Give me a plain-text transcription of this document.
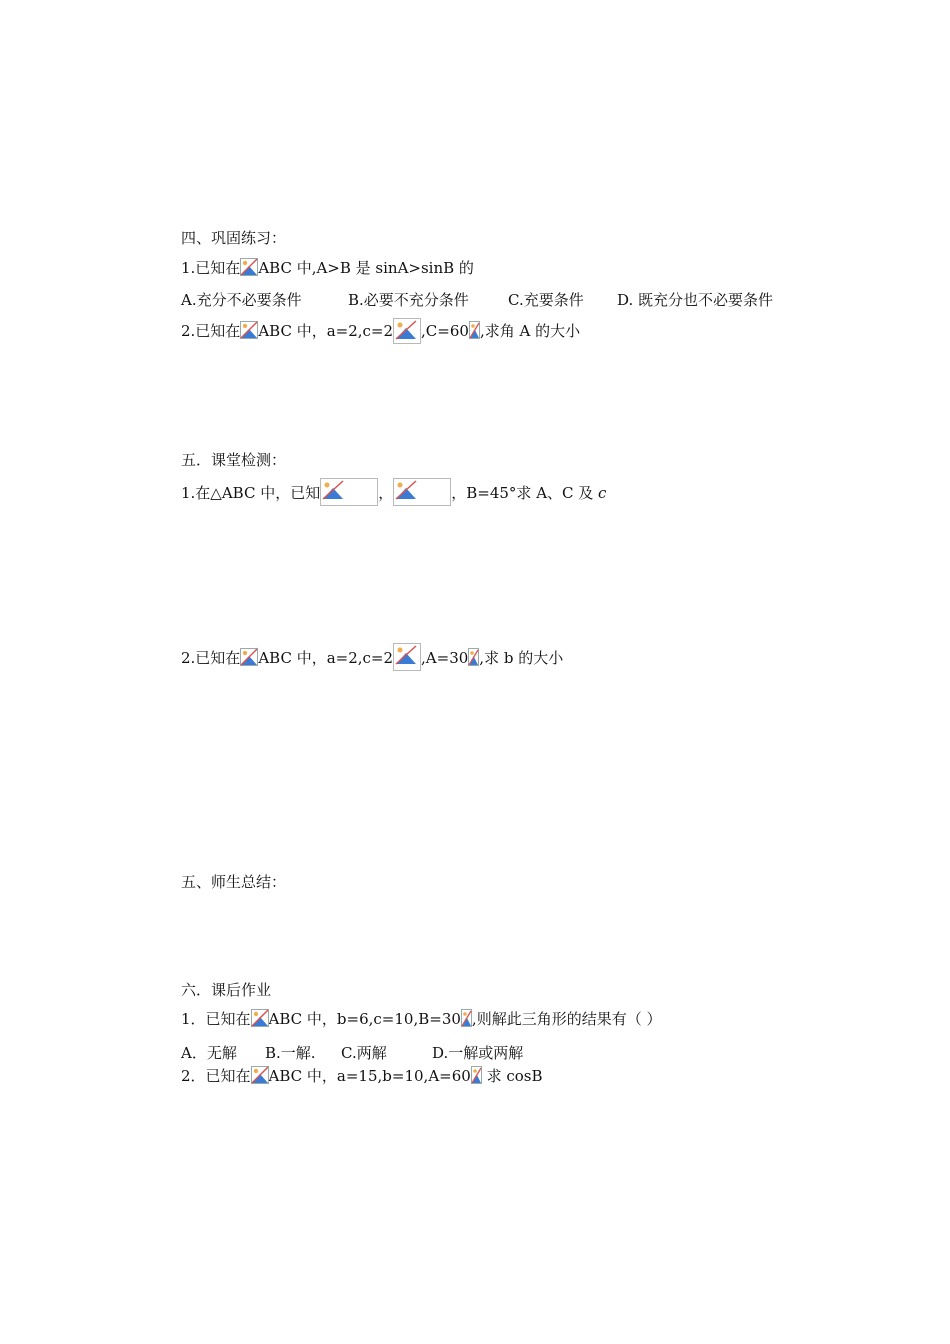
四、巩固练习：
1.已知在 ABC 中,A>B 是 sinA>sinB 的
A.充分不必要条件	B.必要不充分条件	C.充要条件 D. 既充分也不必要条件
2.已知在 ABC 中，a=2,c=2 ,C=60 ,求角 A 的大小
五．课堂检测：
1.在△ABC 中，已知	，	，B=45°求 A、C 及 c
2.已知在 ABC 中，a=2,c=2 ,A=30 ,求 b 的大小
五、师生总结：
六．课后作业
1．已知在 ABC 中，b=6,c=10,B=30 ,则解此三角形的结果有（ ）
A．无解 B.一解. C.两解	D.一解或两解
2．已知在 ABC 中，a=15,b=10,A=60
求 cosB
